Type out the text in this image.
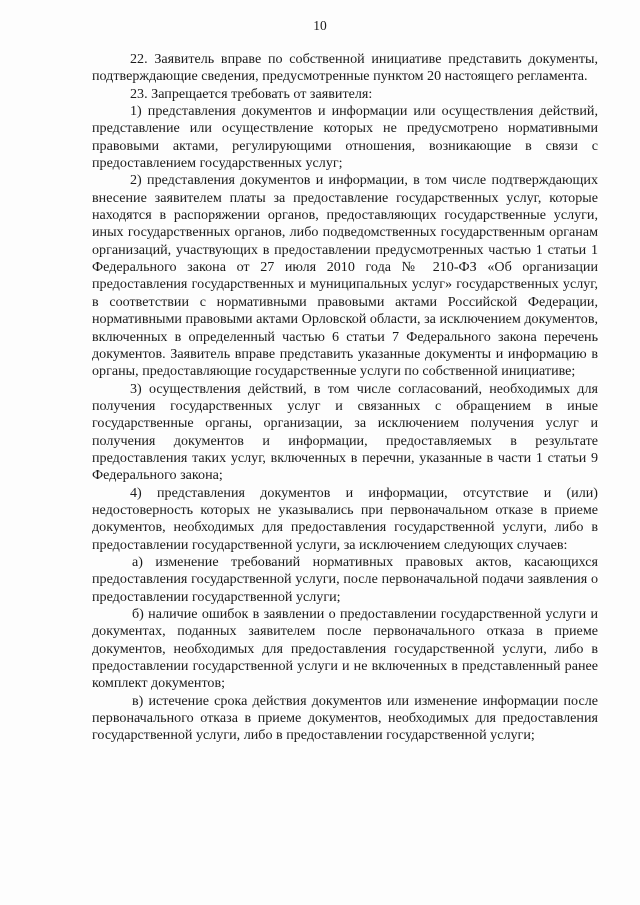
10

22. Заявитель вправе по собственной инициативе представить документы, подтверждающие сведения, предусмотренные пунктом 20 настоящего регламента.

23. Запрещается требовать от заявителя:

1) представления документов и информации или осуществления действий, представление или осуществление которых не предусмотрено нормативными правовыми актами, регулирующими отношения, возникающие в связи с предоставлением государственных услуг;

2) представления документов и информации, в том числе подтверждающих внесение заявителем платы за предоставление государственных услуг, которые находятся в распоряжении органов, предоставляющих государственные услуги, иных государственных органов, либо подведомственных государственным органам организаций, участвующих в предоставлении предусмотренных частью 1 статьи 1 Федерального закона от 27 июля 2010 года № 210-ФЗ «Об организации предоставления государственных и муниципальных услуг» государственных услуг, в соответствии с нормативными правовыми актами Российской Федерации, нормативными правовыми актами Орловской области, за исключением документов, включенных в определенный частью 6 статьи 7 Федерального закона перечень документов. Заявитель вправе представить указанные документы и информацию в органы, предоставляющие государственные услуги по собственной инициативе;

3) осуществления действий, в том числе согласований, необходимых для получения государственных услуг и связанных с обращением в иные государственные органы, организации, за исключением получения услуг и получения документов и информации, предоставляемых в результате предоставления таких услуг, включенных в перечни, указанные в части 1 статьи 9 Федерального закона;

4) представления документов и информации, отсутствие и (или) недостоверность которых не указывались при первоначальном отказе в приеме документов, необходимых для предоставления государственной услуги, либо в предоставлении государственной услуги, за исключением следующих случаев:

а) изменение требований нормативных правовых актов, касающихся предоставления государственной услуги, после первоначальной подачи заявления о предоставлении государственной услуги;

б) наличие ошибок в заявлении о предоставлении государственной услуги и документах, поданных заявителем после первоначального отказа в приеме документов, необходимых для предоставления государственной услуги, либо в предоставлении государственной услуги и не включенных в представленный ранее комплект документов;

в) истечение срока действия документов или изменение информации после первоначального отказа в приеме документов, необходимых для предоставления государственной услуги, либо в предоставлении государственной услуги;
